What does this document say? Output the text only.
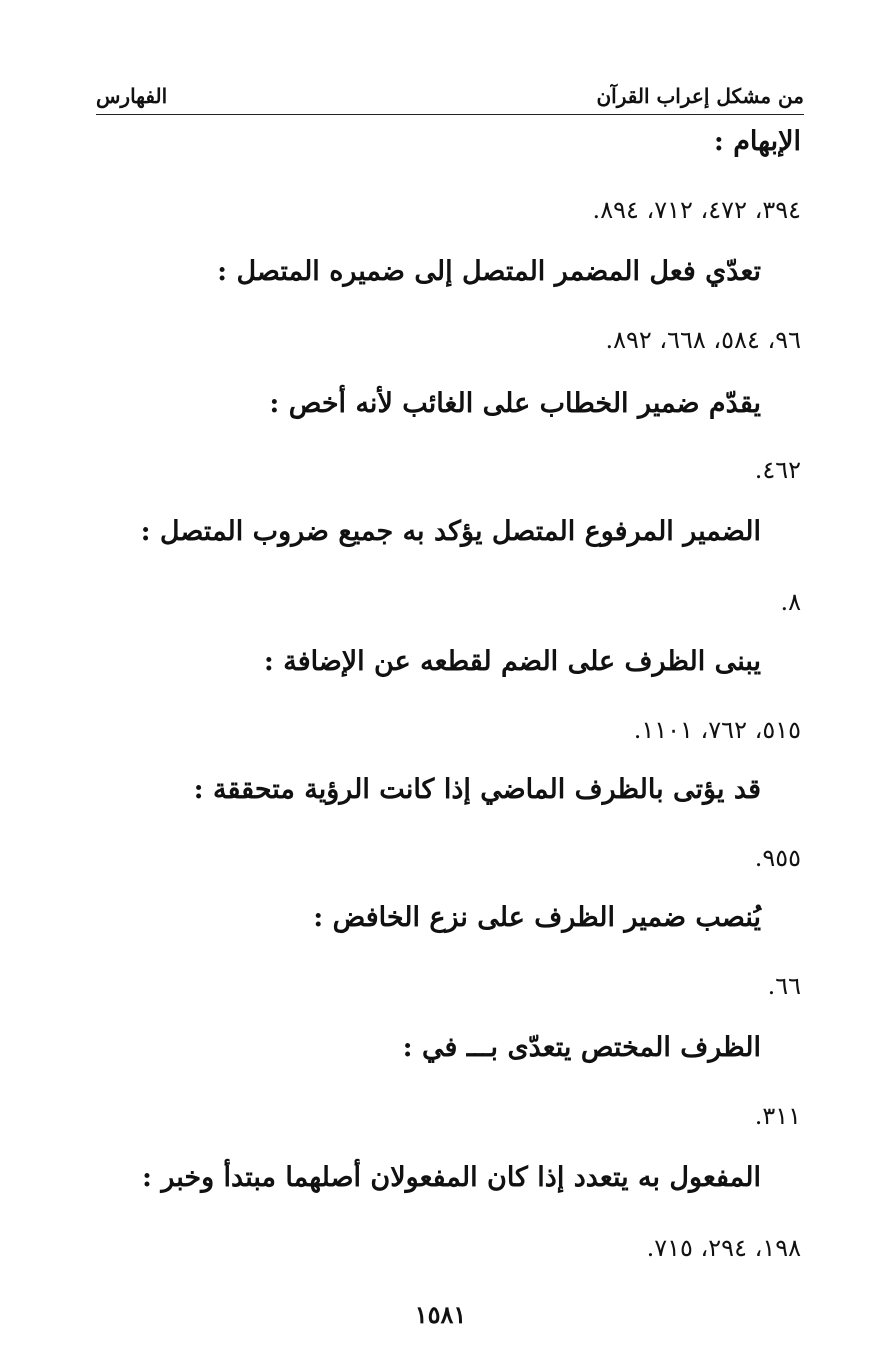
من مشكل إعراب القرآن
الفهارس
الإبهام :
٣٩٤، ٤٧٢، ٧١٢، ٨٩٤.
تعدّي فعل المضمر المتصل إلى ضميره المتصل :
٩٦، ٥٨٤، ٦٦٨، ٨٩٢.
يقدّم ضمير الخطاب على الغائب لأنه أخص :
٤٦٢.
الضمير المرفوع المتصل يؤكد به جميع ضروب المتصل :
٨.
يبنى الظرف على الضم لقطعه عن الإضافة :
٥١٥، ٧٦٢، ١١٠١.
قد يؤتى بالظرف الماضي إذا كانت الرؤية متحققة :
٩٥٥.
يُنصب ضمير الظرف على نزع الخافض :
٦٦.
الظرف المختص يتعدّى بـــ في :
٣١١.
المفعول به يتعدد إذا كان المفعولان أصلهما مبتدأ وخبر :
١٩٨، ٢٩٤، ٧١٥.
١٥٨١
